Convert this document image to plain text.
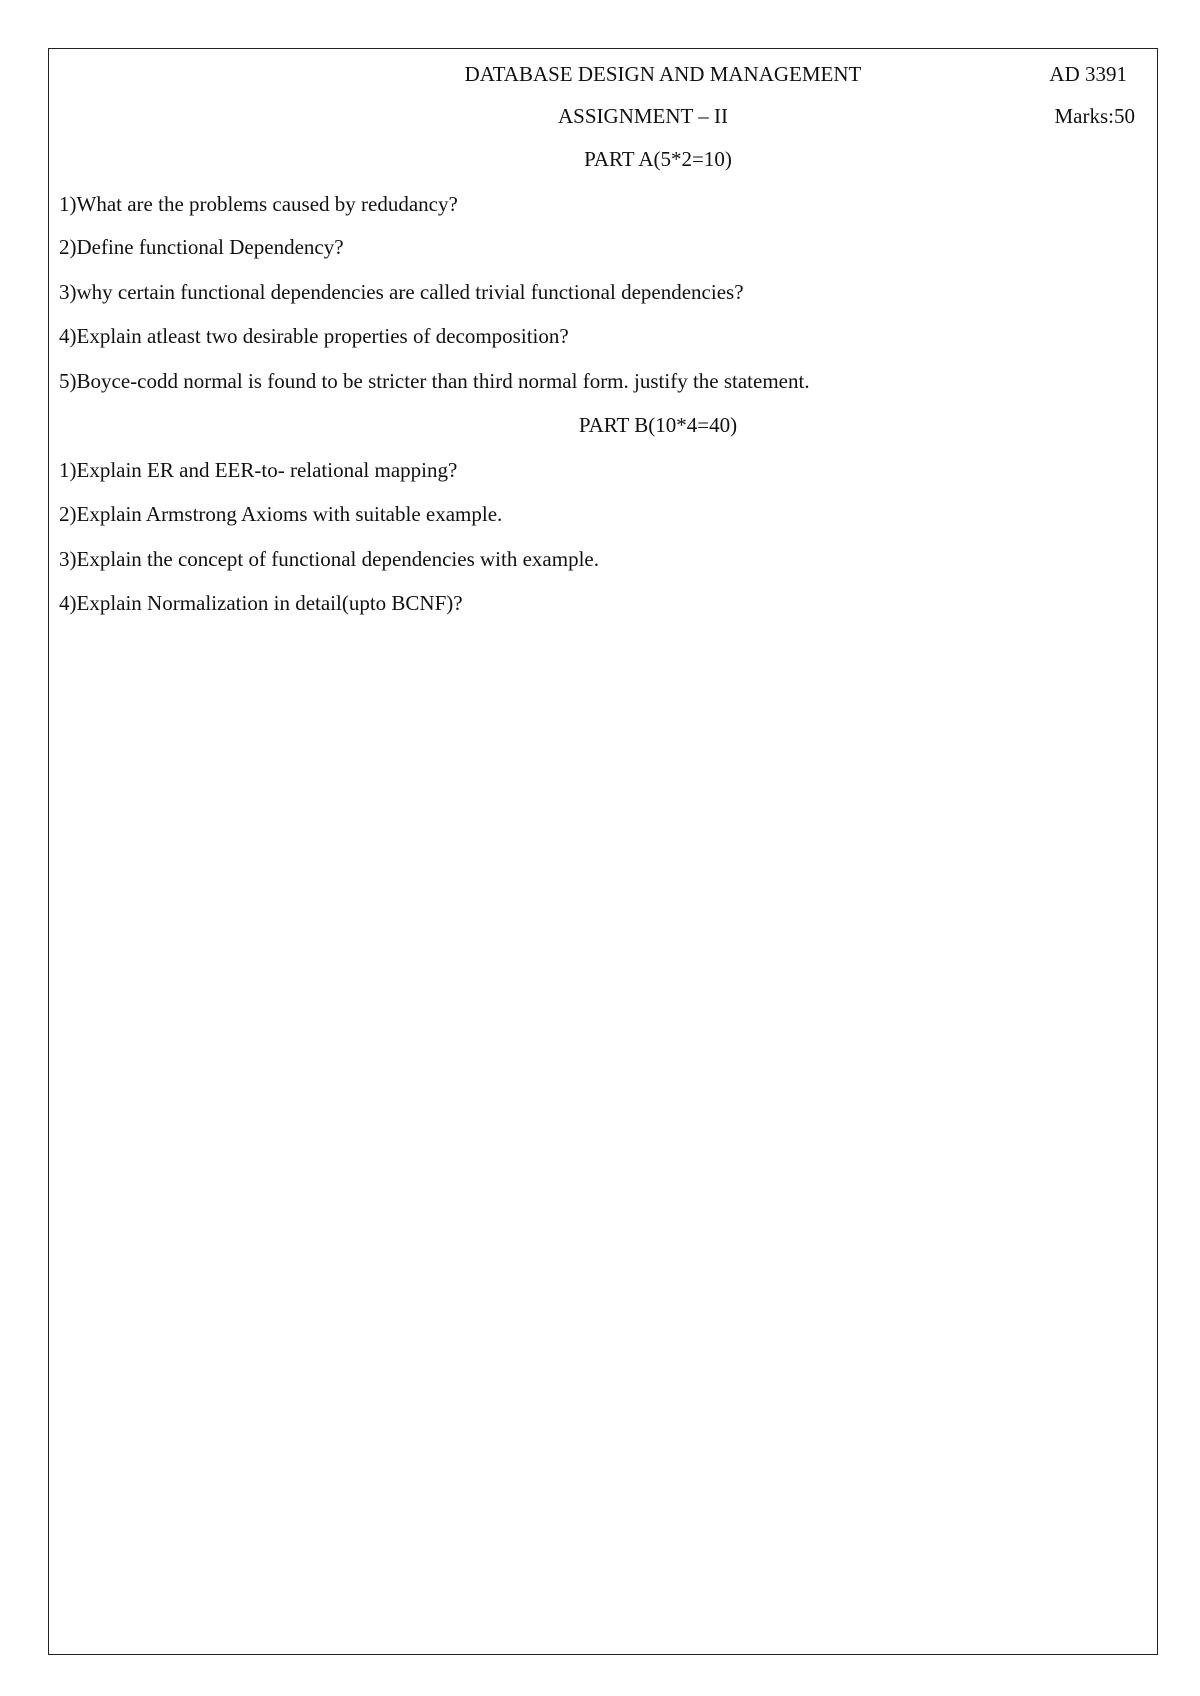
DATABASE DESIGN AND MANAGEMENT	AD 3391
ASSIGNMENT – II	Marks:50
PART A(5*2=10)
1)What are the problems caused by redudancy?
2)Define functional Dependency?
3)why certain functional dependencies are called trivial functional dependencies?
4)Explain atleast two desirable properties of decomposition?
5)Boyce-codd normal is found to be stricter than third normal form. justify the statement.
PART B(10*4=40)
1)Explain ER and EER-to- relational mapping?
2)Explain Armstrong Axioms with suitable example.
3)Explain the concept of functional dependencies with example.
4)Explain Normalization in detail(upto BCNF)?
